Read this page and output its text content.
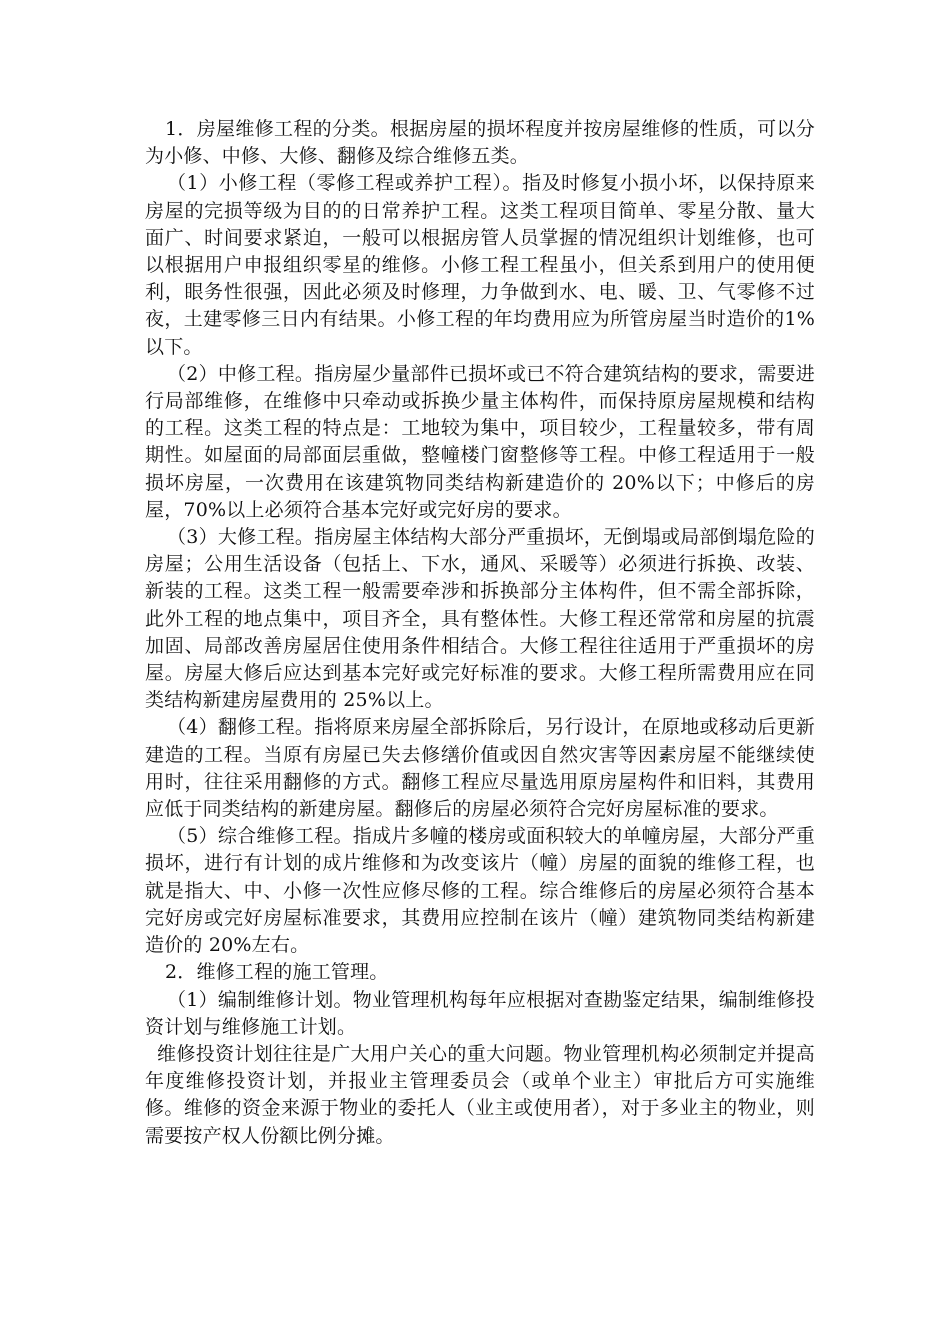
1．房屋维修工程的分类。根据房屋的损坏程度并按房屋维修的性质，可以分为小修、中修、大修、翻修及综合维修五类。

（1）小修工程（零修工程或养护工程）。指及时修复小损小坏，以保持原来房屋的完损等级为目的的日常养护工程。这类工程项目简单、零星分散、量大面广、时间要求紧迫，一般可以根据房管人员掌握的情况组织计划维修，也可以根据用户申报组织零星的维修。小修工程工程虽小，但关系到用户的使用便利，眼务性很强，因此必须及时修理，力争做到水、电、暖、卫、气零修不过夜，土建零修三日内有结果。小修工程的年均费用应为所管房屋当时造价的1%以下。

（2）中修工程。指房屋少量部件已损坏或已不符合建筑结构的要求，需要进行局部维修，在维修中只牵动或拆换少量主体构件，而保持原房屋规模和结构的工程。这类工程的特点是：工地较为集中，项目较少，工程量较多，带有周期性。如屋面的局部面层重做，整幢楼门窗整修等工程。中修工程适用于一般损坏房屋，一次费用在该建筑物同类结构新建造价的 20%以下；中修后的房屋，70%以上必须符合基本完好或完好房的要求。

（3）大修工程。指房屋主体结构大部分严重损坏，无倒塌或局部倒塌危险的房屋；公用生活设备（包括上、下水，通风、采暖等）必须进行拆换、改装、新装的工程。这类工程一般需要牵涉和拆换部分主体构件，但不需全部拆除，此外工程的地点集中，项目齐全，具有整体性。大修工程还常常和房屋的抗震加固、局部改善房屋居住使用条件相结合。大修工程往往适用于严重损坏的房屋。房屋大修后应达到基本完好或完好标准的要求。大修工程所需费用应在同类结构新建房屋费用的 25%以上。

（4）翻修工程。指将原来房屋全部拆除后，另行设计，在原地或移动后更新建造的工程。当原有房屋已失去修缮价值或因自然灾害等因素房屋不能继续使用时，往往采用翻修的方式。翻修工程应尽量选用原房屋构件和旧料，其费用应低于同类结构的新建房屋。翻修后的房屋必须符合完好房屋标准的要求。

（5）综合维修工程。指成片多幢的楼房或面积较大的单幢房屋，大部分严重损坏，进行有计划的成片维修和为改变该片（幢）房屋的面貌的维修工程，也就是指大、中、小修一次性应修尽修的工程。综合维修后的房屋必须符合基本完好房或完好房屋标准要求，其费用应控制在该片（幢）建筑物同类结构新建造价的 20%左右。

2．维修工程的施工管理。

（1）编制维修计划。物业管理机构每年应根据对查勘鉴定结果，编制维修投资计划与维修施工计划。

维修投资计划往往是广大用户关心的重大问题。物业管理机构必须制定并提高年度维修投资计划，并报业主管理委员会（或单个业主）审批后方可实施维修。维修的资金来源于物业的委托人（业主或使用者），对于多业主的物业，则需要按产权人份额比例分摊。
